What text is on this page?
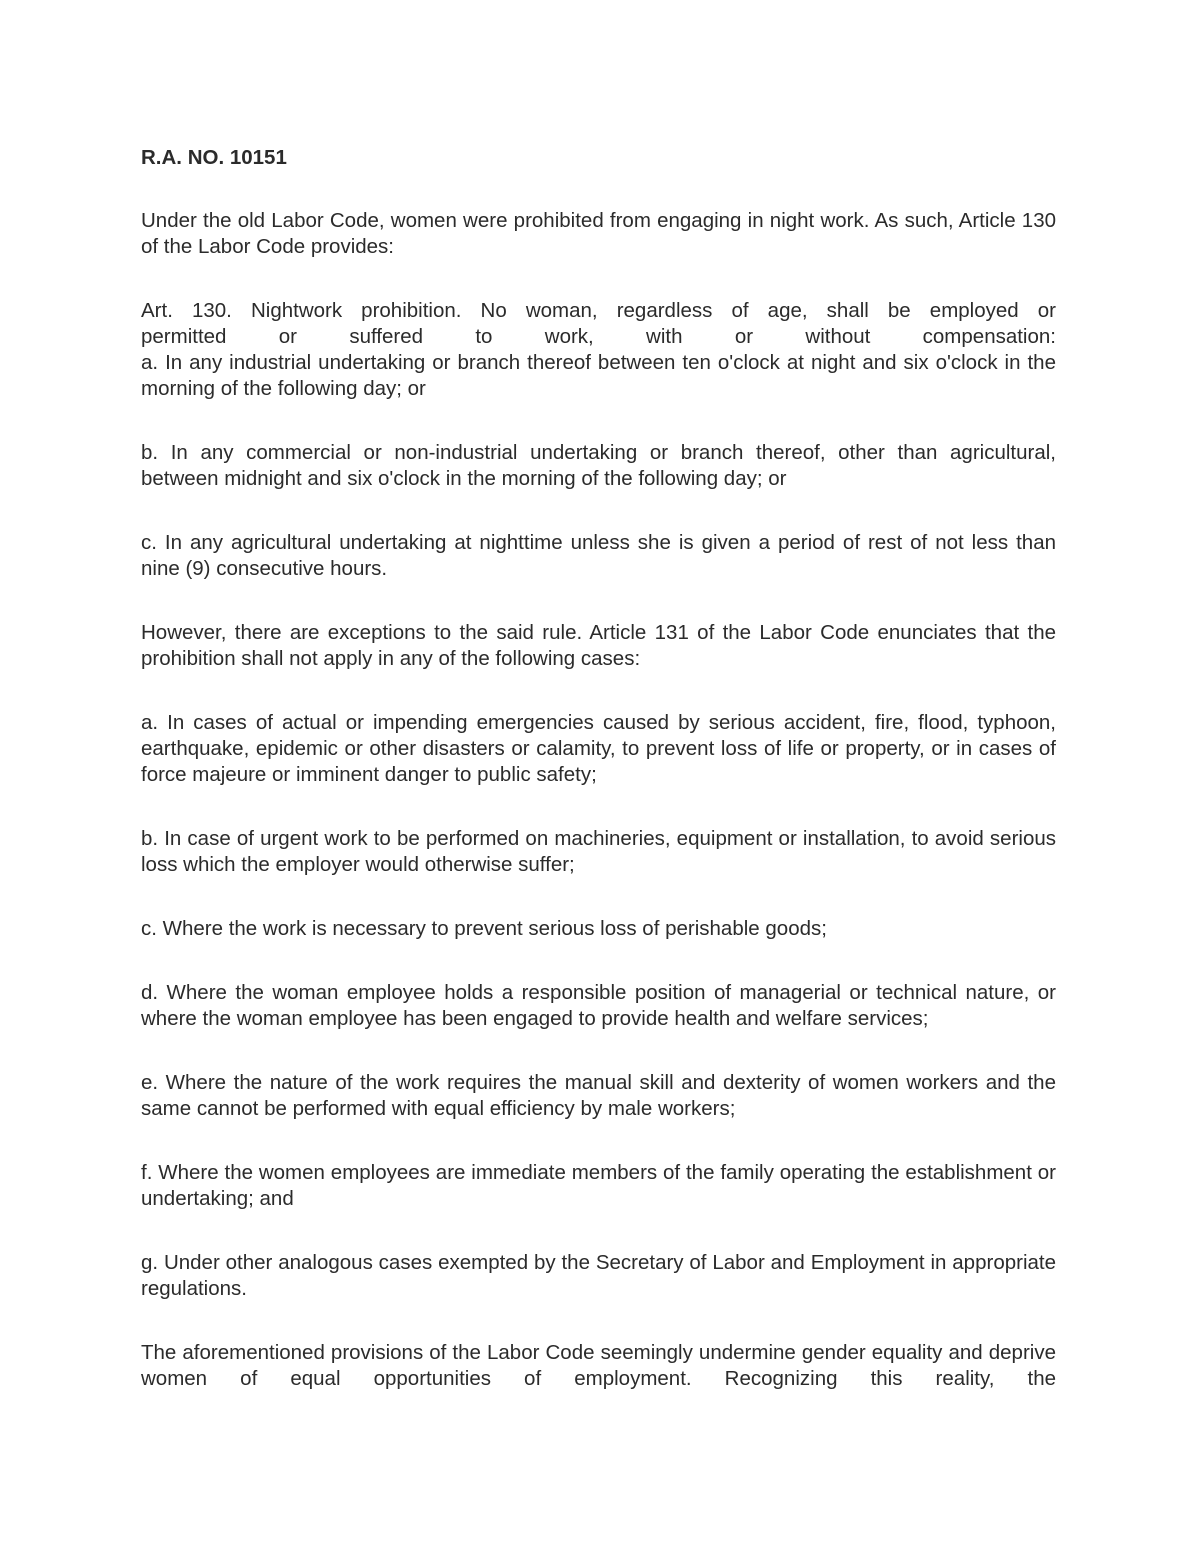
R.A. NO. 10151

Under the old Labor Code, women were prohibited from engaging in night work. As such, Article 130 of the Labor Code provides:

Art. 130. Nightwork prohibition. No woman, regardless of age, shall be employed or
permitted or suffered to work, with or without compensation:
a. In any industrial undertaking or branch thereof between ten o'clock at night and six o'clock in the morning of the following day; or

b. In any commercial or non-industrial undertaking or branch thereof, other than agricultural, between midnight and six o'clock in the morning of the following day; or

c. In any agricultural undertaking at nighttime unless she is given a period of rest of not less than nine (9) consecutive hours.

However, there are exceptions to the said rule. Article 131 of the Labor Code enunciates that the prohibition shall not apply in any of the following cases:

a. In cases of actual or impending emergencies caused by serious accident, fire, flood, typhoon, earthquake, epidemic or other disasters or calamity, to prevent loss of life or property, or in cases of force majeure or imminent danger to public safety;

b. In case of urgent work to be performed on machineries, equipment or installation, to avoid serious loss which the employer would otherwise suffer;

c. Where the work is necessary to prevent serious loss of perishable goods;

d. Where the woman employee holds a responsible position of managerial or technical nature, or where the woman employee has been engaged to provide health and welfare services;

e. Where the nature of the work requires the manual skill and dexterity of women workers and the same cannot be performed with equal efficiency by male workers;

f. Where the women employees are immediate members of the family operating the establishment or undertaking; and

g. Under other analogous cases exempted by the Secretary of Labor and Employment in appropriate regulations.

The aforementioned provisions of the Labor Code seemingly undermine gender equality and deprive women of equal opportunities of employment. Recognizing this reality, the
